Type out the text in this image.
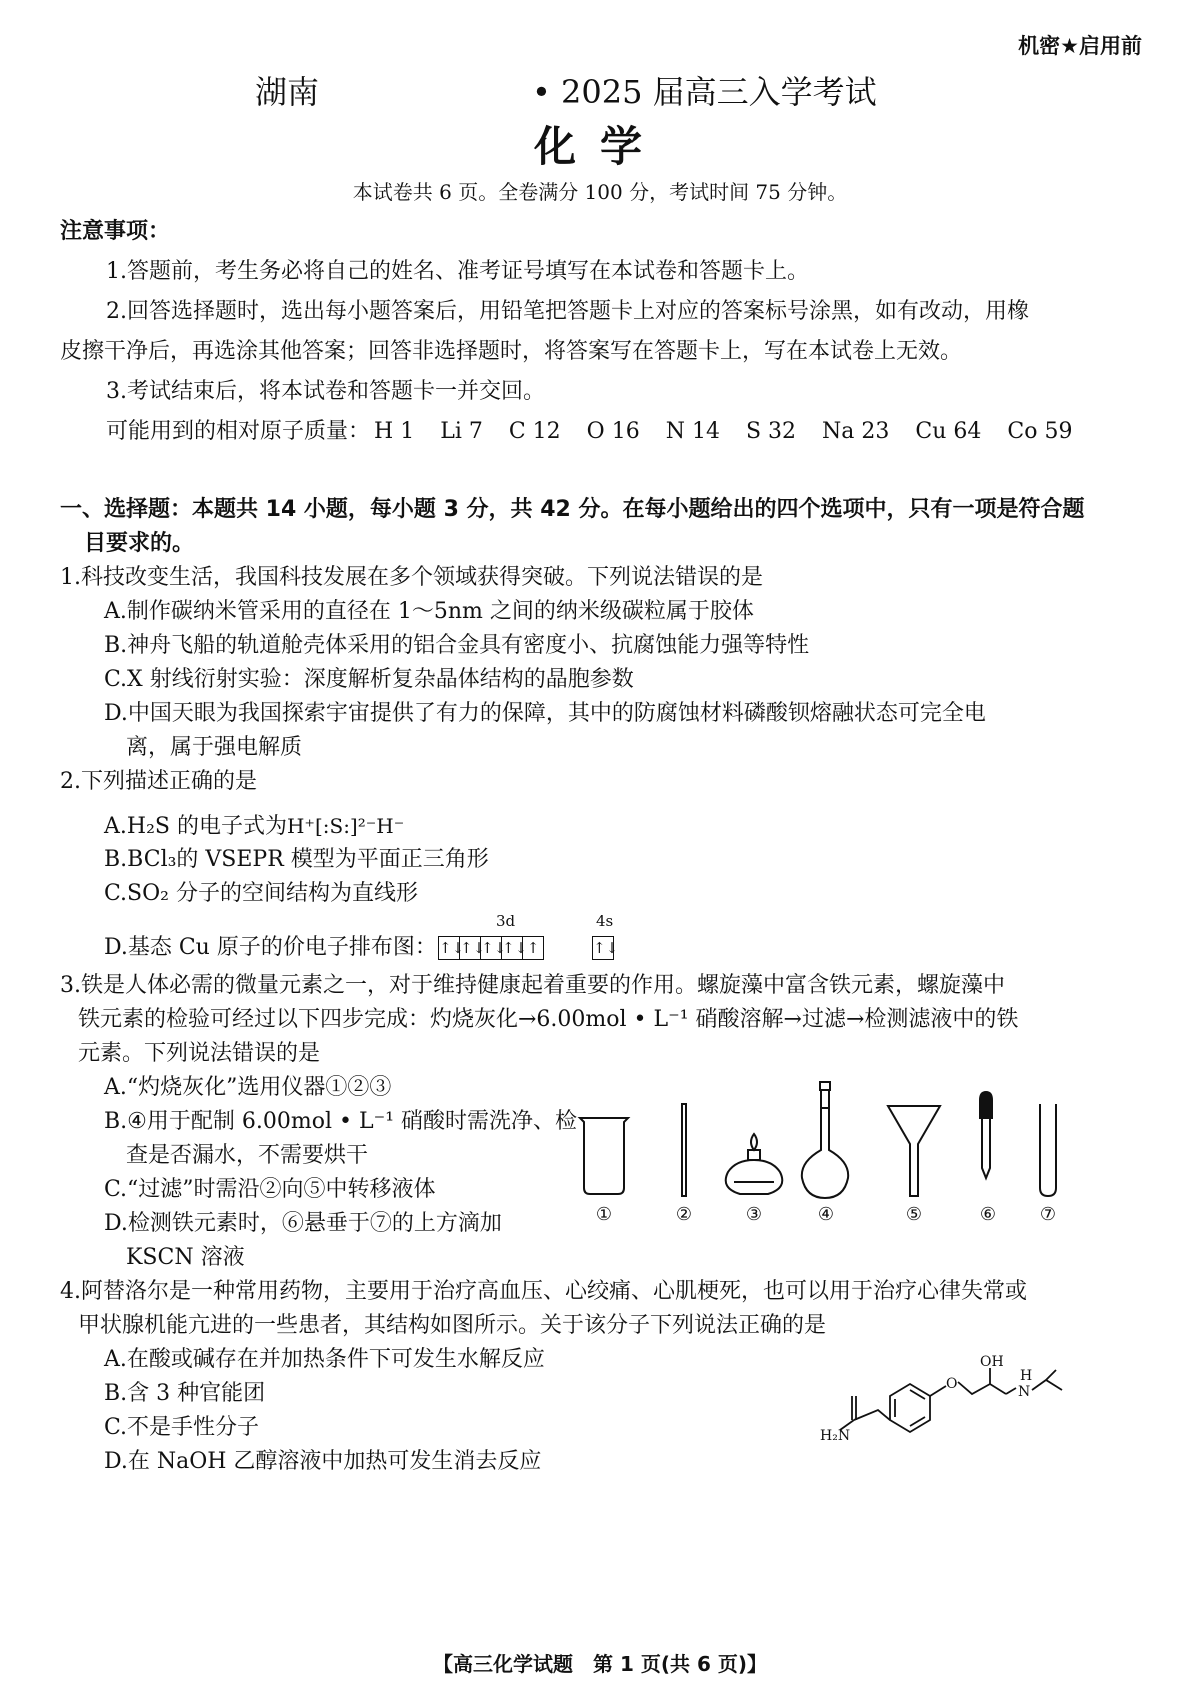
机密★启用前
湖南	• 2025 届高三入学考试
化学
本试卷共 6 页。全卷满分 100 分，考试时间 75 分钟。
注意事项：
1.答题前，考生务必将自己的姓名、准考证号填写在本试卷和答题卡上。
2.回答选择题时，选出每小题答案后，用铅笔把答题卡上对应的答案标号涂黑，如有改动，用橡
皮擦干净后，再选涂其他答案；回答非选择题时，将答案写在答题卡上，写在本试卷上无效。
3.考试结束后，将本试卷和答题卡一并交回。
可能用到的相对原子质量： H 1 Li 7 C 12 O 16 N 14 S 32 Na 23 Cu 64 Co 59
一、选择题：本题共 14 小题，每小题 3 分，共 42 分。在每小题给出的四个选项中，只有一项是符合题
目要求的。
1.科技改变生活，我国科技发展在多个领域获得突破。下列说法错误的是
A.制作碳纳米管采用的直径在 1～5nm 之间的纳米级碳粒属于胶体
B.神舟飞船的轨道舱壳体采用的铝合金具有密度小、抗腐蚀能力强等特性
C.X 射线衍射实验：深度解析复杂晶体结构的晶胞参数
D.中国天眼为我国探索宇宙提供了有力的保障，其中的防腐蚀材料磷酸钡熔融状态可完全电
离，属于强电解质
2.下列描述正确的是
A.H₂S 的电子式为H⁺[:S:]²⁻H⁻
B.BCl₃的 VSEPR 模型为平面正三角形
C.SO₂ 分子的空间结构为直线形
D.基态 Cu 原子的价电子排布图：
3d	4s
↑↓↑↓↑↓↑↓↑	↑↓
3.铁是人体必需的微量元素之一，对于维持健康起着重要的作用。螺旋藻中富含铁元素，螺旋藻中
铁元素的检验可经过以下四步完成：灼烧灰化→6.00mol • L⁻¹ 硝酸溶解→过滤→检测滤液中的铁
元素。下列说法错误的是
A.“灼烧灰化”选用仪器①②③
B.④用于配制 6.00mol • L⁻¹ 硝酸时需洗净、检
查是否漏水，不需要烘干
C.“过滤”时需沿②向⑤中转移液体
D.检测铁元素时，⑥悬垂于⑦的上方滴加
KSCN 溶液
①	②	③	④	⑤	⑥ ⑦
4.阿替洛尔是一种常用药物，主要用于治疗高血压、心绞痛、心肌梗死，也可以用于治疗心律失常或
甲状腺机能亢进的一些患者，其结构如图所示。关于该分子下列说法正确的是
A.在酸或碱存在并加热条件下可发生水解反应
B.含 3 种官能团
C.不是手性分子
D.在 NaOH 乙醇溶液中加热可发生消去反应
H₂N
O
OH
H
N
【高三化学试题　第 1 页(共 6 页)】
